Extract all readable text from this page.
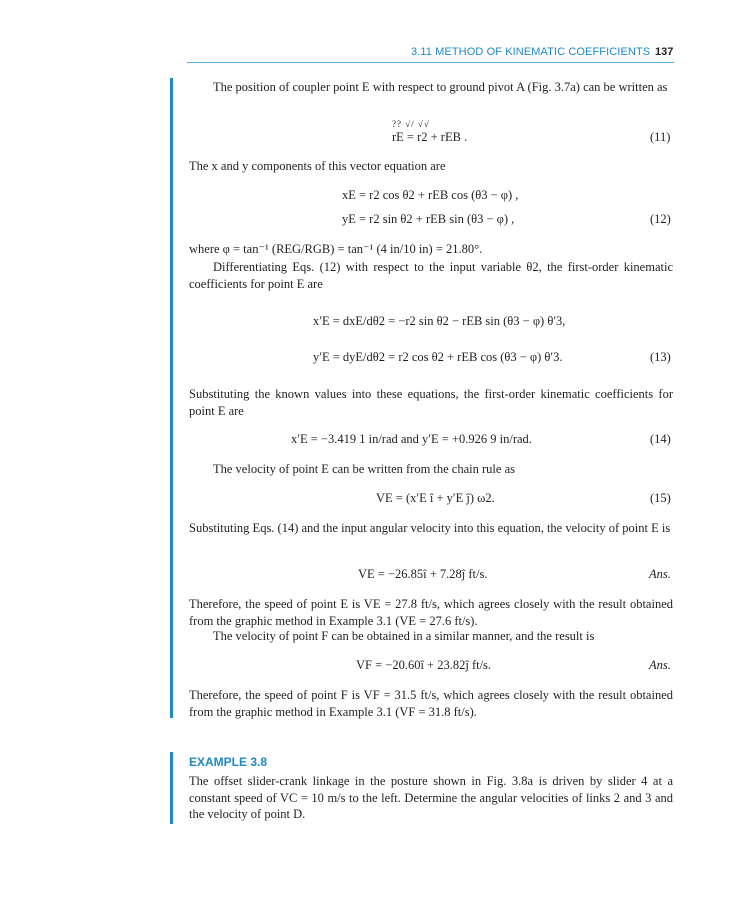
3.11 METHOD OF KINEMATIC COEFFICIENTS 137
The position of coupler point E with respect to ground pivot A (Fig. 3.7a) can be written as
?? √/ √√
rE = r2 + rEB .	(11)
The x and y components of this vector equation are
xE = r2 cos θ2 + rEB cos (θ3 − φ) ,
yE = r2 sin θ2 + rEB sin (θ3 − φ) ,	(12)
where φ = tan⁻¹ (REG/RGB) = tan⁻¹ (4 in/10 in) = 21.80°.
Differentiating Eqs. (12) with respect to the input variable θ2, the first-order kinematic coefficients for point E are
x′E = dxE/dθ2 = −r2 sin θ2 − rEB sin (θ3 − φ) θ′3,
y′E = dyE/dθ2 = r2 cos θ2 + rEB cos (θ3 − φ) θ′3.	(13)
Substituting the known values into these equations, the first-order kinematic coefficients for point E are
x′E = −3.419 1 in/rad and y′E = +0.926 9 in/rad.	(14)
The velocity of point E can be written from the chain rule as
VE = (x′E î + y′E ĵ) ω2.	(15)
Substituting Eqs. (14) and the input angular velocity into this equation, the velocity of point E is
VE = −26.85î + 7.28ĵ ft/s.	Ans.
Therefore, the speed of point E is VE = 27.8 ft/s, which agrees closely with the result obtained from the graphic method in Example 3.1 (VE = 27.6 ft/s).
The velocity of point F can be obtained in a similar manner, and the result is
VF = −20.60î + 23.82ĵ ft/s.	Ans.
Therefore, the speed of point F is VF = 31.5 ft/s, which agrees closely with the result obtained from the graphic method in Example 3.1 (VF = 31.8 ft/s).
EXAMPLE 3.8
The offset slider-crank linkage in the posture shown in Fig. 3.8a is driven by slider 4 at a constant speed of VC = 10 m/s to the left. Determine the angular velocities of links 2 and 3 and the velocity of point D.
